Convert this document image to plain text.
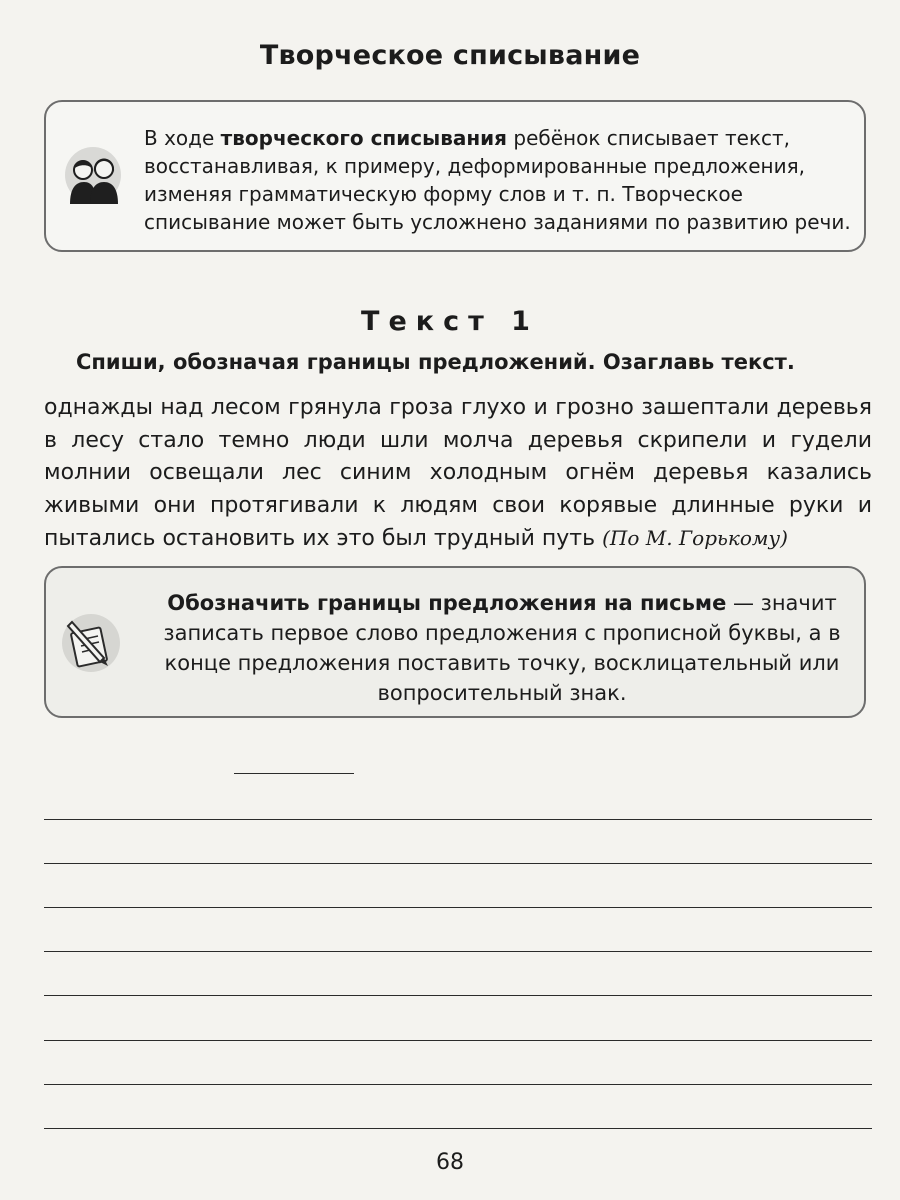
Творческое списывание
В ходе творческого списывания ребёнок списывает текст, восстанавливая, к примеру, деформированные предложения, изменяя грамматическую форму слов и т. п. Творческое списывание может быть усложнено заданиями по развитию речи.
Текст 1
Спиши, обозначая границы предложений. Озаглавь текст.
однажды над лесом грянула гроза глухо и грозно зашептали деревья в лесу стало темно люди шли молча деревья скрипели и гудели молнии освещали лес синим холодным огнём деревья казались живыми они протягивали к людям свои корявые длинные руки и пытались остановить их это был трудный путь (По М. Горькому)
Обозначить границы предложения на письме — значит записать первое слово предложения с прописной буквы, а в конце предложения поставить точку, восклицательный или вопросительный знак.
68
